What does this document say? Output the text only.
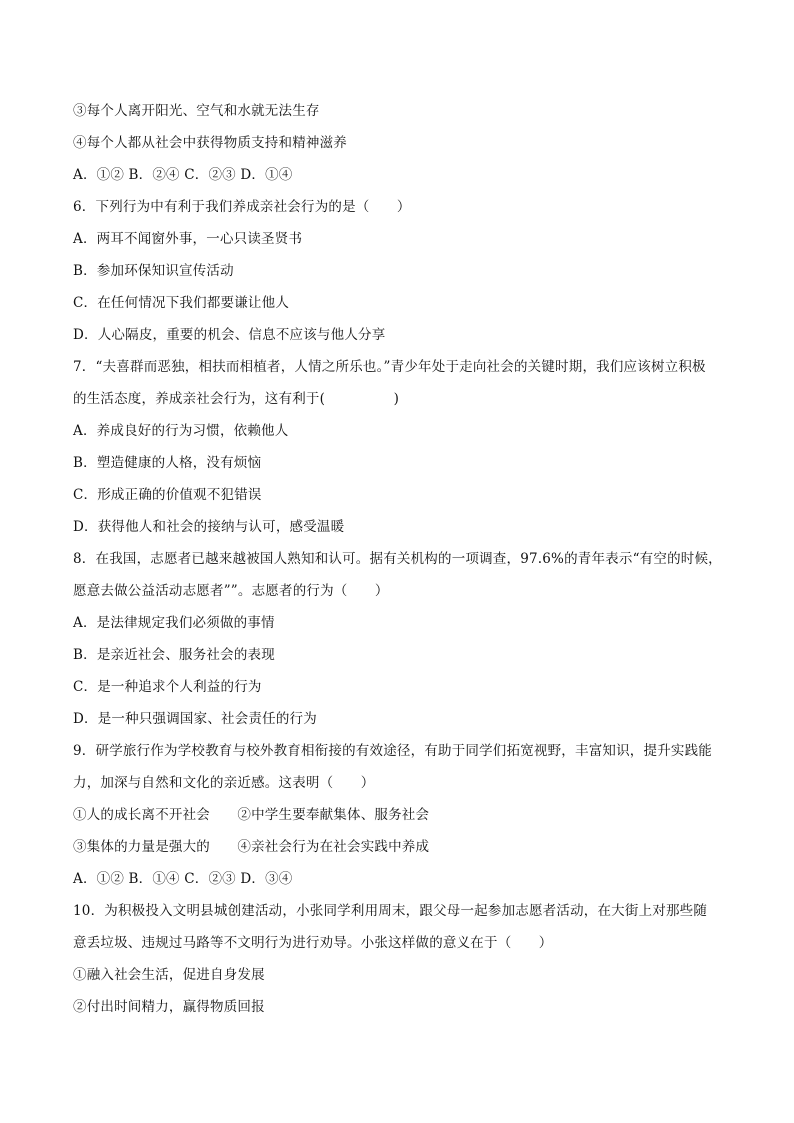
③每个人离开阳光、空气和水就无法生存
④每个人都从社会中获得物质支持和精神滋养
A．①② B．②④ C．②③ D．①④
6．下列行为中有利于我们养成亲社会行为的是（　　）
A．两耳不闻窗外事，一心只读圣贤书
B．参加环保知识宣传活动
C．在任何情况下我们都要谦让他人
D．人心隔皮，重要的机会、信息不应该与他人分享
7．“夫喜群而恶独，相扶而相植者，人情之所乐也。”青少年处于走向社会的关键时期，我们应该树立积极
的生活态度，养成亲社会行为，这有利于(　　　　　)
A．养成良好的行为习惯，依赖他人
B．塑造健康的人格，没有烦恼
C．形成正确的价值观不犯错误
D．获得他人和社会的接纳与认可，感受温暖
8．在我国，志愿者已越来越被国人熟知和认可。据有关机构的一项调查，97.6%的青年表示“有空的时候，
愿意去做公益活动志愿者””。志愿者的行为（　　）
A．是法律规定我们必须做的事情
B．是亲近社会、服务社会的表现
C．是一种追求个人利益的行为
D．是一种只强调国家、社会责任的行为
9．研学旅行作为学校教育与校外教育相衔接的有效途径，有助于同学们拓宽视野，丰富知识，提升实践能
力，加深与自然和文化的亲近感。这表明（　　）
①人的成长离不开社会　　②中学生要奉献集体、服务社会
③集体的力量是强大的　　④亲社会行为在社会实践中养成
A．①② B．①④ C．②③ D．③④
10．为积极投入文明县城创建活动，小张同学利用周末，跟父母一起参加志愿者活动，在大街上对那些随
意丢垃圾、违规过马路等不文明行为进行劝导。小张这样做的意义在于（　　）
①融入社会生活，促进自身发展
②付出时间精力，赢得物质回报
